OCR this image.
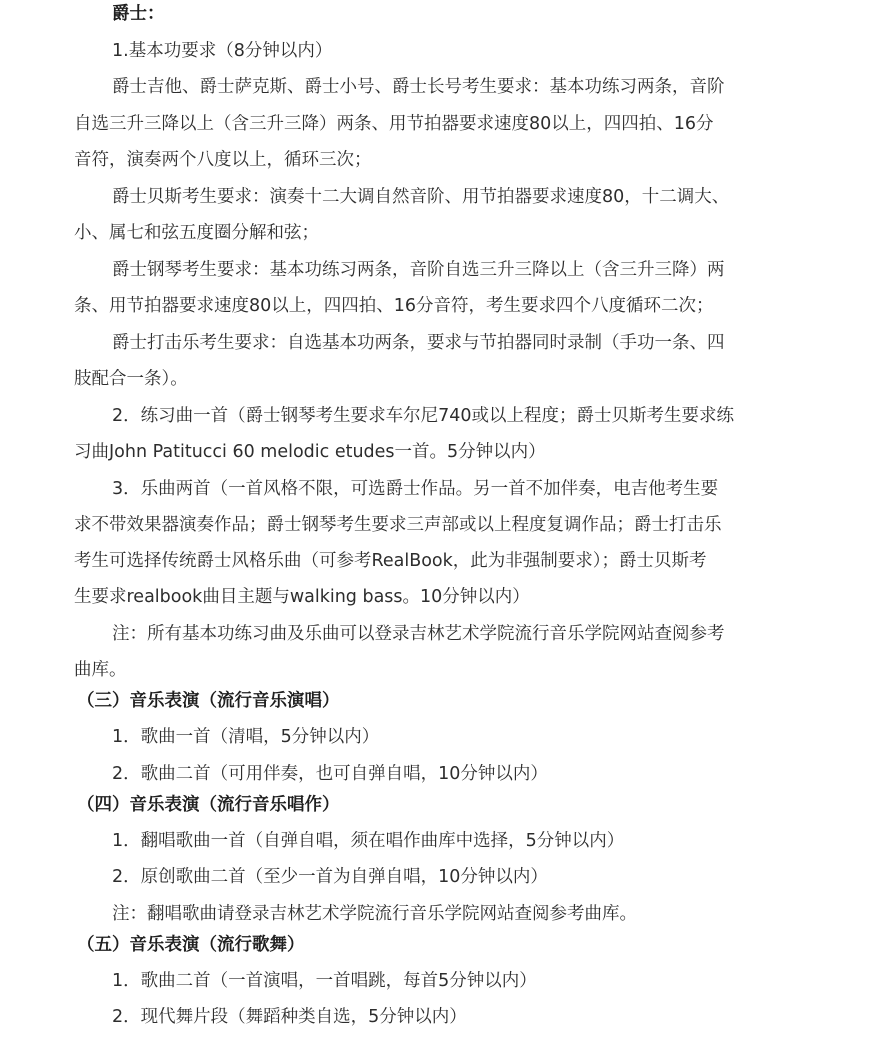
爵士：
1.基本功要求（8分钟以内）
爵士吉他、爵士萨克斯、爵士小号、爵士长号考生要求：基本功练习两条，音阶
自选三升三降以上（含三升三降）两条、用节拍器要求速度80以上，四四拍、16分
音符，演奏两个八度以上，循环三次；
爵士贝斯考生要求：演奏十二大调自然音阶、用节拍器要求速度80，十二调大、
小、属七和弦五度圈分解和弦；
爵士钢琴考生要求：基本功练习两条，音阶自选三升三降以上（含三升三降）两
条、用节拍器要求速度80以上，四四拍、16分音符，考生要求四个八度循环二次；
爵士打击乐考生要求：自选基本功两条，要求与节拍器同时录制（手功一条、四
肢配合一条）。
2．练习曲一首（爵士钢琴考生要求车尔尼740或以上程度；爵士贝斯考生要求练
习曲John Patitucci 60 melodic etudes一首。5分钟以内）
3．乐曲两首（一首风格不限，可选爵士作品。另一首不加伴奏，电吉他考生要
求不带效果器演奏作品；爵士钢琴考生要求三声部或以上程度复调作品；爵士打击乐
考生可选择传统爵士风格乐曲（可参考RealBook，此为非强制要求）；爵士贝斯考
生要求realbook曲目主题与walking bass。10分钟以内）
注：所有基本功练习曲及乐曲可以登录吉林艺术学院流行音乐学院网站查阅参考
曲库。
（三）音乐表演（流行音乐演唱）
1．歌曲一首（清唱，5分钟以内）
2．歌曲二首（可用伴奏，也可自弹自唱，10分钟以内）
（四）音乐表演（流行音乐唱作）
1．翻唱歌曲一首（自弹自唱，须在唱作曲库中选择，5分钟以内）
2．原创歌曲二首（至少一首为自弹自唱，10分钟以内）
注：翻唱歌曲请登录吉林艺术学院流行音乐学院网站查阅参考曲库。
（五）音乐表演（流行歌舞）
1．歌曲二首（一首演唱，一首唱跳，每首5分钟以内）
2．现代舞片段（舞蹈种类自选，5分钟以内）
